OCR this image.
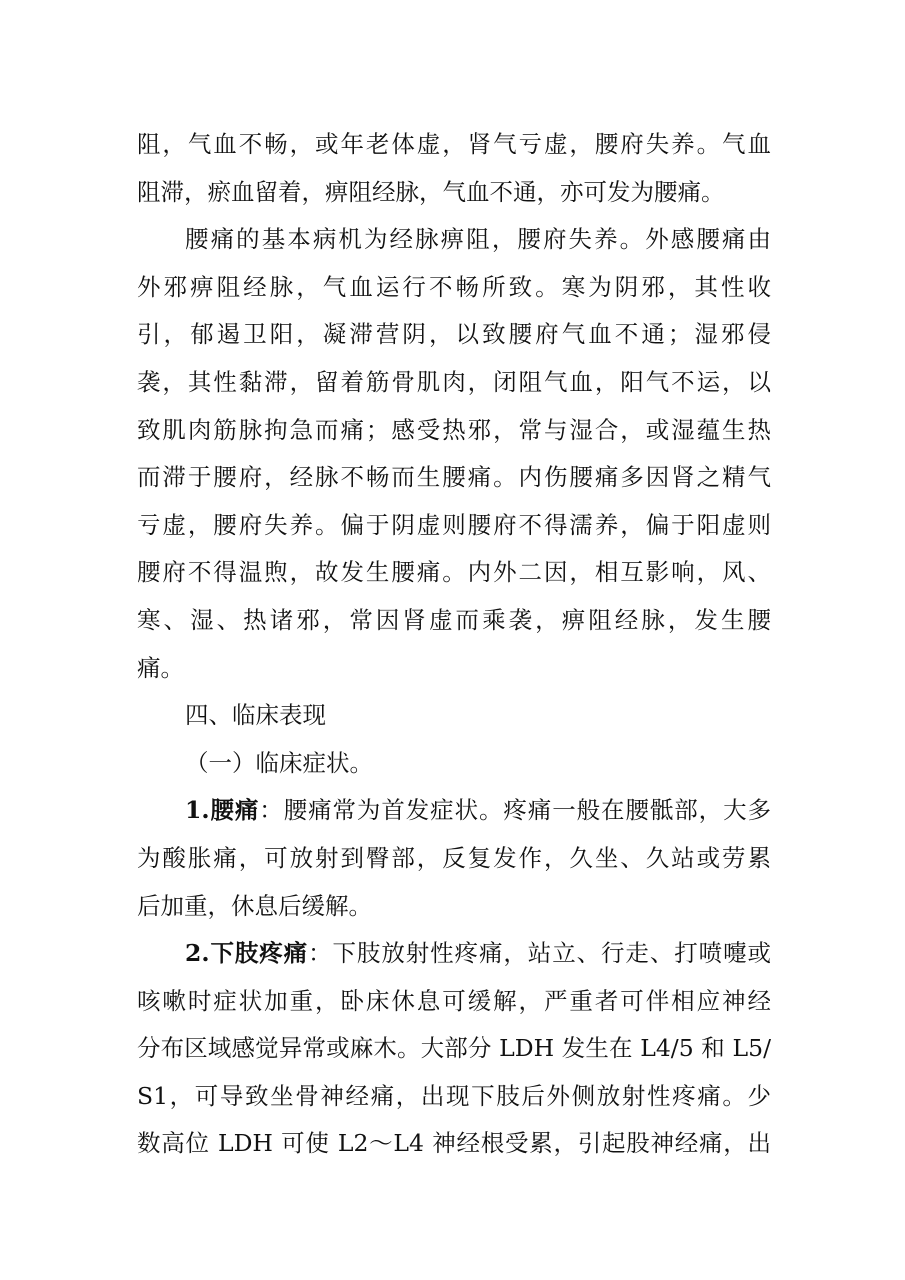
阻，气血不畅，或年老体虚，肾气亏虚，腰府失养。气血
阻滞，瘀血留着，痹阻经脉，气血不通，亦可发为腰痛。
腰痛的基本病机为经脉痹阻，腰府失养。外感腰痛由
外邪痹阻经脉，气血运行不畅所致。寒为阴邪，其性收
引，郁遏卫阳，凝滞营阴，以致腰府气血不通；湿邪侵
袭，其性黏滞，留着筋骨肌肉，闭阻气血，阳气不运，以
致肌肉筋脉拘急而痛；感受热邪，常与湿合，或湿蕴生热
而滞于腰府，经脉不畅而生腰痛。内伤腰痛多因肾之精气
亏虚，腰府失养。偏于阴虚则腰府不得濡养，偏于阳虚则
腰府不得温煦，故发生腰痛。内外二因，相互影响，风、
寒、湿、热诸邪，常因肾虚而乘袭，痹阻经脉，发生腰
痛。
四、临床表现
（一）临床症状。
1.腰痛：腰痛常为首发症状。疼痛一般在腰骶部，大多
为酸胀痛，可放射到臀部，反复发作，久坐、久站或劳累
后加重，休息后缓解。
2.下肢疼痛：下肢放射性疼痛，站立、行走、打喷嚏或
咳嗽时症状加重，卧床休息可缓解，严重者可伴相应神经
分布区域感觉异常或麻木。大部分 LDH 发生在 L4/5 和 L5/
S1，可导致坐骨神经痛，出现下肢后外侧放射性疼痛。少
数高位 LDH 可使 L2～L4 神经根受累，引起股神经痛，出
